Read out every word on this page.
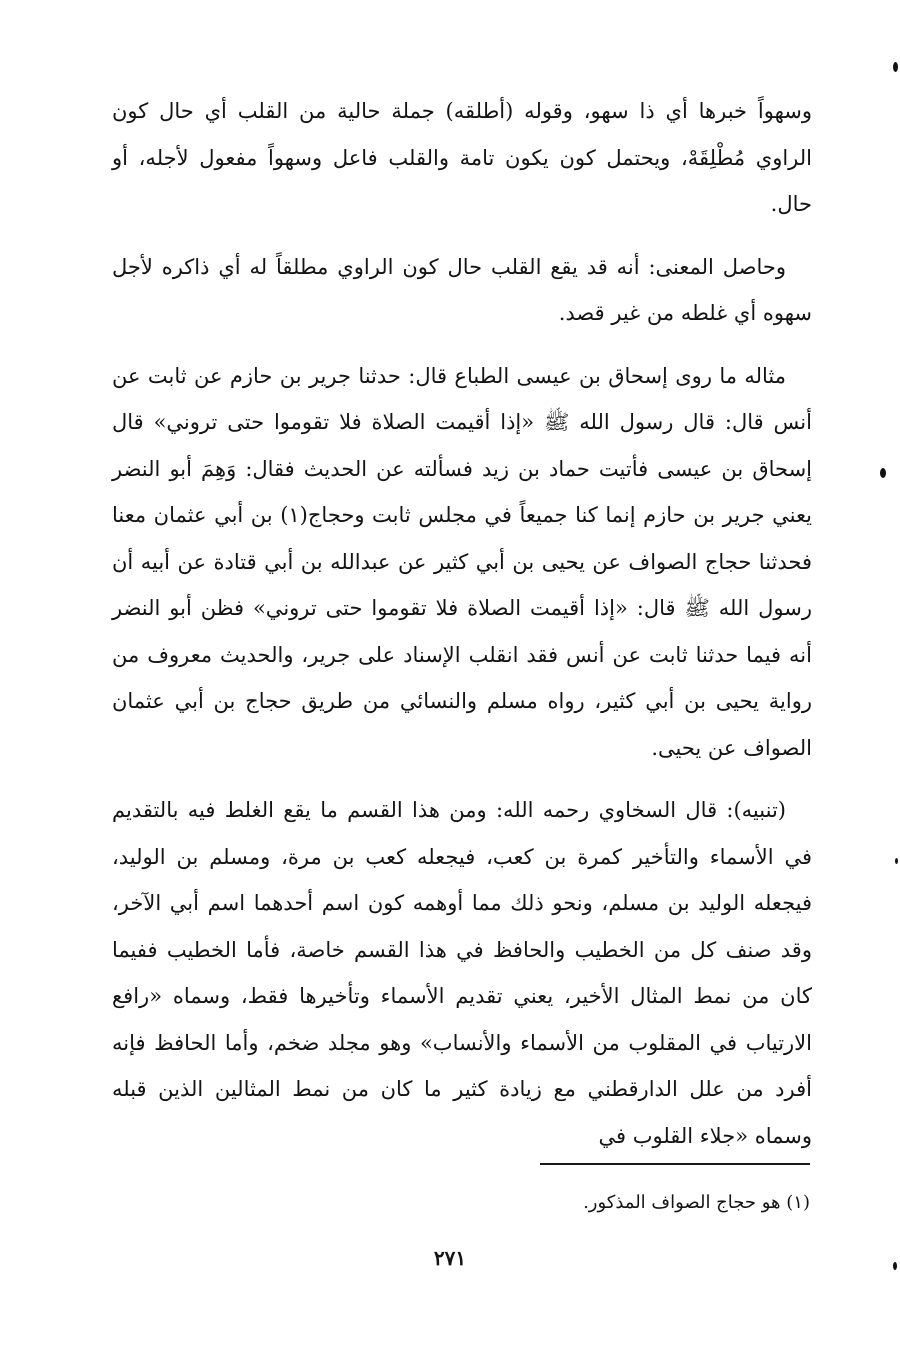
وسهواً خبرها أي ذا سهو، وقوله (أطلقه) جملة حالية من القلب أي حال كون الراوي مُطْلِقَهْ، ويحتمل كون يكون تامة والقلب فاعل وسهواً مفعول لأجله، أو حال.

وحاصل المعنى: أنه قد يقع القلب حال كون الراوي مطلقاً له أي ذاكره لأجل سهوه أي غلطه من غير قصد.

مثاله ما روى إسحاق بن عيسى الطباع قال: حدثنا جرير بن حازم عن ثابت عن أنس قال: قال رسول الله ﷺ «إذا أقيمت الصلاة فلا تقوموا حتى تروني» قال إسحاق بن عيسى فأتيت حماد بن زيد فسألته عن الحديث فقال: وَهِمَ أبو النضر يعني جرير بن حازم إنما كنا جميعاً في مجلس ثابت وحجاج(١) بن أبي عثمان معنا فحدثنا حجاج الصواف عن يحيى بن أبي كثير عن عبدالله بن أبي قتادة عن أبيه أن رسول الله ﷺ قال: «إذا أقيمت الصلاة فلا تقوموا حتى تروني» فظن أبو النضر أنه فيما حدثنا ثابت عن أنس فقد انقلب الإسناد على جرير، والحديث معروف من رواية يحيى بن أبي كثير، رواه مسلم والنسائي من طريق حجاج بن أبي عثمان الصواف عن يحيى.

(تنبيه): قال السخاوي رحمه الله: ومن هذا القسم ما يقع الغلط فيه بالتقديم في الأسماء والتأخير كمرة بن كعب، فيجعله كعب بن مرة، ومسلم بن الوليد، فيجعله الوليد بن مسلم، ونحو ذلك مما أوهمه كون اسم أحدهما اسم أبي الآخر، وقد صنف كل من الخطيب والحافظ في هذا القسم خاصة، فأما الخطيب ففيما كان من نمط المثال الأخير، يعني تقديم الأسماء وتأخيرها فقط، وسماه «رافع الارتياب في المقلوب من الأسماء والأنساب» وهو مجلد ضخم، وأما الحافظ فإنه أفرد من علل الدارقطني مع زيادة كثير ما كان من نمط المثالين الذين قبله وسماه «جلاء القلوب في

(١) هو حجاج الصواف المذكور.
٢٧١
